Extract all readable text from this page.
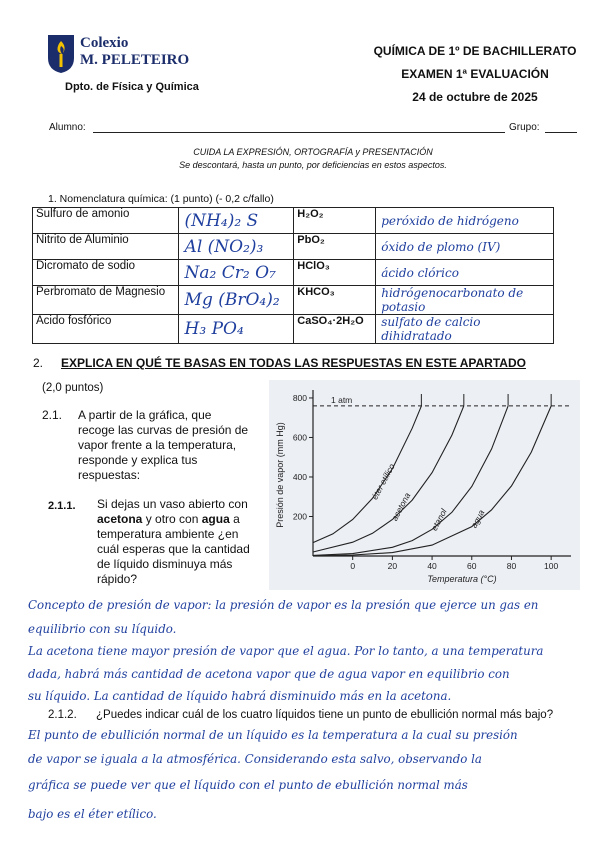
Colexio
M. PELETEIRO
Dpto. de Física y Química
QUÍMICA DE 1º DE BACHILLERATO
EXAMEN 1ª EVALUACIÓN
24 de octubre de 2025
Alumno:	Grupo:
CUIDA LA EXPRESIÓN, ORTOGRAFÍA y PRESENTACIÓN
Se descontará, hasta un punto, por deficiencias en estos aspectos.
1. Nomenclatura química: (1 punto) (- 0,2 c/fallo)
Sulfuro de amonio	(NH₄)₂ S	H₂O₂	peróxido de hidrógeno
Nitrito de Aluminio	Al (NO₂)₃	PbO₂	óxido de plomo (IV)
Dicromato de sodio	Na₂ Cr₂ O₇	HClO₃	ácido clórico
Perbromato de Magnesio	Mg (BrO₄)₂	KHCO₃	hidrógenocarbonato de potasio
Acido fosfórico	H₃ PO₄	CaSO₄·2H₂O	sulfato de calcio dihidratado
2. EXPLICA EN QUÉ TE BASAS EN TODAS LAS RESPUESTAS EN ESTE APARTADO
(2,0 puntos)
2.1. A partir de la gráfica, que
recoge las curvas de presión de
vapor frente a la temperatura,
responde y explica tus
respuestas:
2.1.1. Si dejas un vaso abierto con
acetona y otro con agua a
temperatura ambiente ¿en
cuál esperas que la cantidad
de líquido disminuya más
rápido?
200
400
600
800
0	20	40	60	80	100
1 atm
éter etílico
acetona etanol agua
Presión de vapor (mm Hg)
Temperatura (°C)
Concepto de presión de vapor: la presión de vapor es la presión que ejerce un gas en
equilibrio con su líquido.
La acetona tiene mayor presión de vapor que el agua. Por lo tanto, a una temperatura
dada, habrá más cantidad de acetona vapor que de agua vapor en equilibrio con
su líquido. La cantidad de líquido habrá disminuido más en la acetona.
2.1.2. ¿Puedes indicar cuál de los cuatro líquidos tiene un punto de ebullición normal más bajo?
El punto de ebullición normal de un líquido es la temperatura a la cual su presión
de vapor se iguala a la atmosférica. Considerando esta salvo, observando la
gráfica se puede ver que el líquido con el punto de ebullición normal más
bajo es el éter etílico.
